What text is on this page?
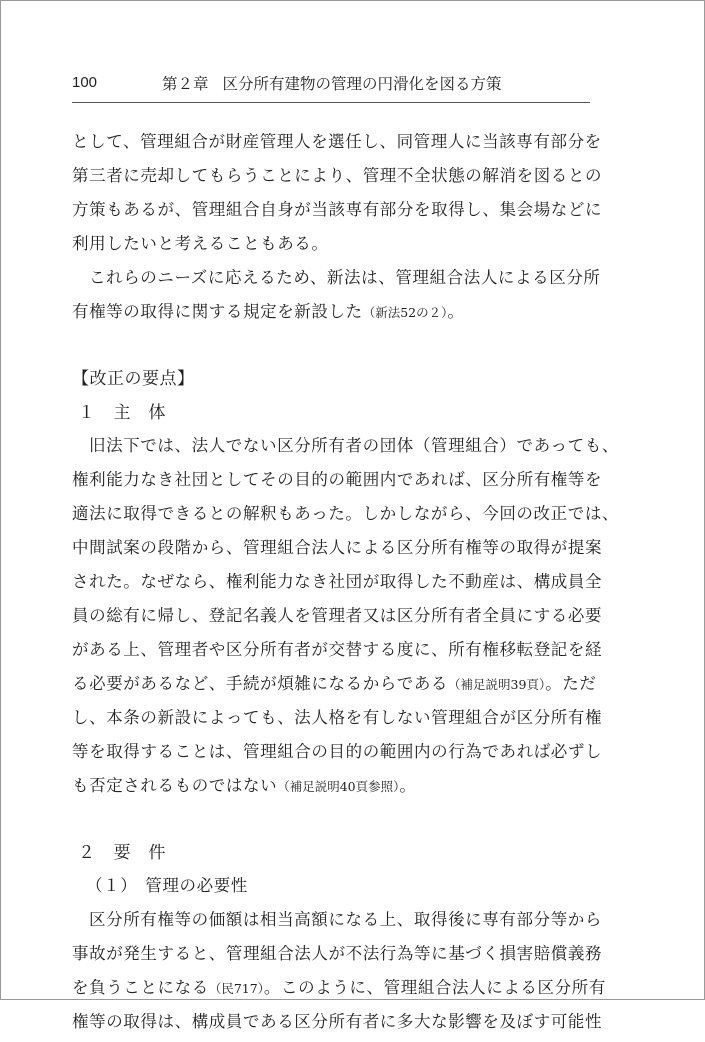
100	第２章 区分所有建物の管理の円滑化を図る方策
として、管理組合が財産管理人を選任し、同管理人に当該専有部分を
第三者に売却してもらうことにより、管理不全状態の解消を図るとの
方策もあるが、管理組合自身が当該専有部分を取得し、集会場などに
利用したいと考えることもある。
これらのニーズに応えるため、新法は、管理組合法人による区分所
有権等の取得に関する規定を新設した（新法52の２）。
【改正の要点】
１ 主　体
旧法下では、法人でない区分所有者の団体（管理組合）であっても、
権利能力なき社団としてその目的の範囲内であれば、区分所有権等を
適法に取得できるとの解釈もあった。しかしながら、今回の改正では、
中間試案の段階から、管理組合法人による区分所有権等の取得が提案
された。なぜなら、権利能力なき社団が取得した不動産は、構成員全
員の総有に帰し、登記名義人を管理者又は区分所有者全員にする必要
がある上、管理者や区分所有者が交替する度に、所有権移転登記を経
る必要があるなど、手続が煩雑になるからである（補足説明39頁）。ただ
し、本条の新設によっても、法人格を有しない管理組合が区分所有権
等を取得することは、管理組合の目的の範囲内の行為であれば必ずし
も否定されるものではない（補足説明40頁参照）。
２ 要　件
（１） 管理の必要性
区分所有権等の価額は相当高額になる上、取得後に専有部分等から
事故が発生すると、管理組合法人が不法行為等に基づく損害賠償義務
を負うことになる（民717）。このように、管理組合法人による区分所有
権等の取得は、構成員である区分所有者に多大な影響を及ぼす可能性
